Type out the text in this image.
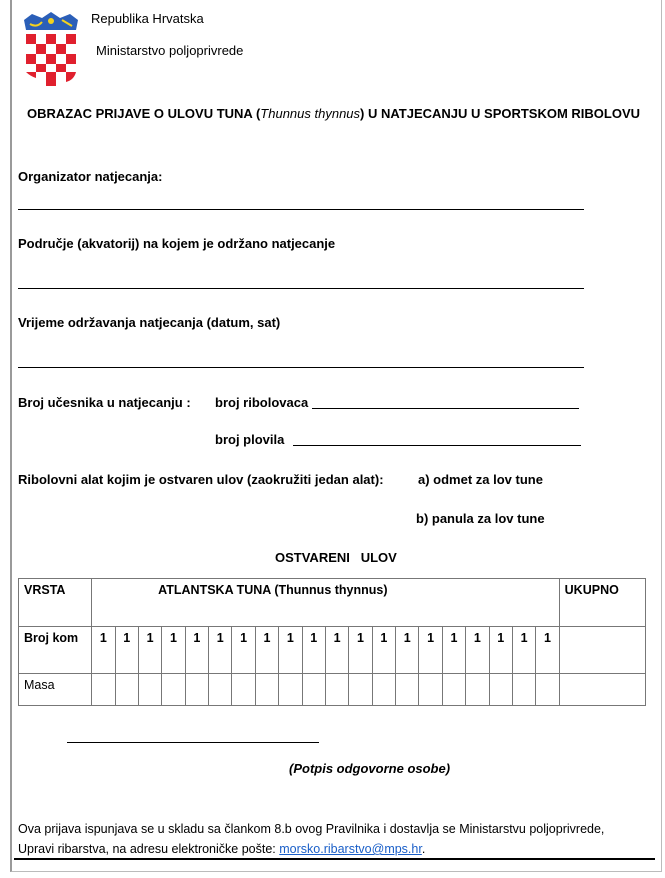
Republika Hrvatska
Ministarstvo poljoprivrede
OBRAZAC PRIJAVE O ULOVU TUNA (Thunnus thynnus) U NATJECANJU U SPORTSKOM RIBOLOVU
Organizator natjecanja:
Područje (akvatorij) na kojem je održano natjecanje
Vrijeme održavanja natjecanja (datum, sat)
Broj učesnika u natjecanju : broj ribolovaca
broj plovila
Ribolovni alat kojim je ostvaren ulov (zaokružiti jedan alat):	a) odmet za lov tune
b) panula za lov tune
OSTVARENI   ULOV
VRSTA	ATLANTSKA TUNA (Thunnus thynnus)																				UKUPNO
Broj kom	1	1	1	1	1	1	1	1	1	1	1	1	1	1	1	1	1	1	1	1	
Masa																					
(Potpis odgovorne osobe)
Ova prijava ispunjava se u skladu sa člankom 8.b ovog Pravilnika i dostavlja se Ministarstvu poljoprivrede,
Upravi ribarstva, na adresu elektroničke pošte: morsko.ribarstvo@mps.hr.
